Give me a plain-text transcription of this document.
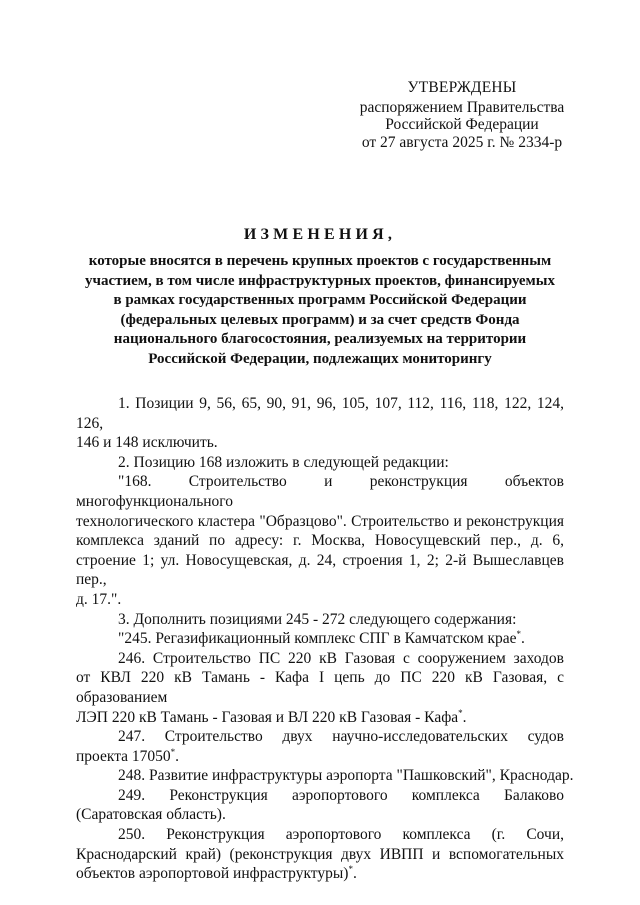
УТВЕРЖДЕНЫ
распоряжением Правительства
Российской Федерации
от 27 августа 2025 г. № 2334-р
ИЗМЕНЕНИЯ,
которые вносятся в перечень крупных проектов с государственным
участием, в том числе инфраструктурных проектов, финансируемых
в рамках государственных программ Российской Федерации
(федеральных целевых программ) и за счет средств Фонда
национального благосостояния, реализуемых на территории
Российской Федерации, подлежащих мониторингу
1. Позиции 9, 56, 65, 90, 91, 96, 105, 107, 112, 116, 118, 122, 124, 126,
146 и 148 исключить.
2. Позицию 168 изложить в следующей редакции:
"168. Строительство и реконструкция объектов многофункционального
технологического кластера "Образцово". Строительство и реконструкция
комплекса зданий по адресу: г. Москва, Новосущевский пер., д. 6,
строение 1; ул. Новосущевская, д. 24, строения 1, 2; 2-й Вышеславцев пер.,
д. 17.".
3. Дополнить позициями 245 - 272 следующего содержания:
"245. Регазификационный комплекс СПГ в Камчатском крае*.
246. Строительство ПС 220 кВ Газовая с сооружением заходов
от КВЛ 220 кВ Тамань - Кафа I цепь до ПС 220 кВ Газовая, с образованием
ЛЭП 220 кВ Тамань - Газовая и ВЛ 220 кВ Газовая - Кафа*.
247. Строительство двух научно-исследовательских судов
проекта 17050*.
248. Развитие инфраструктуры аэропорта "Пашковский", Краснодар.
249. Реконструкция аэропортового комплекса Балаково
(Саратовская область).
250. Реконструкция аэропортового комплекса (г. Сочи,
Краснодарский край) (реконструкция двух ИВПП и вспомогательных
объектов аэропортовой инфраструктуры)*.
